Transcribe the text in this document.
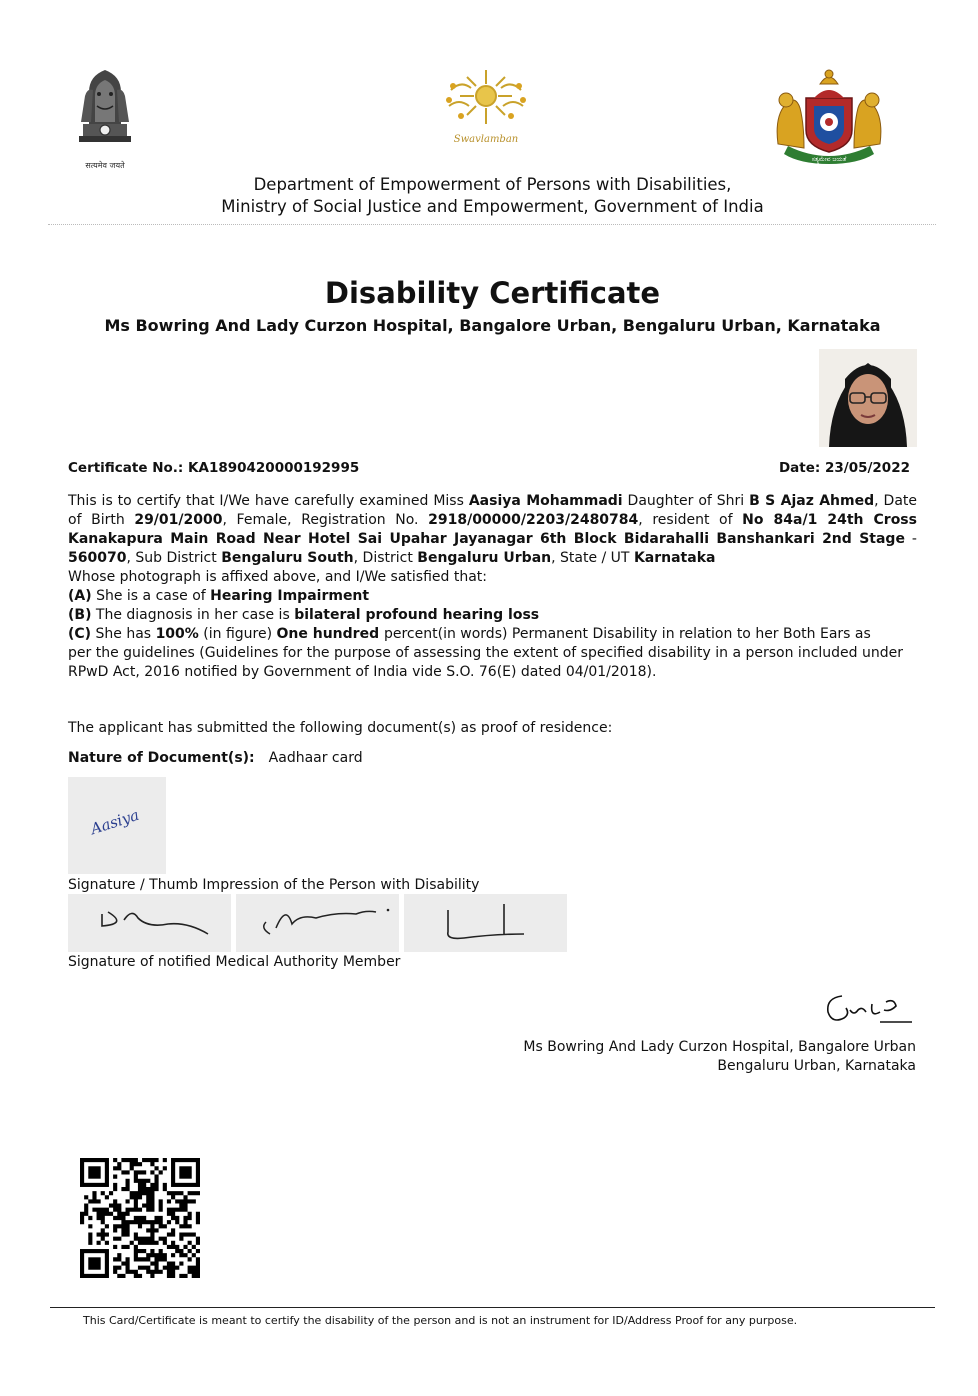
सत्यमेव जयते
Swavlamban
ಸತ್ಯಮೇವ ಜಯತೆ
Department of Empowerment of Persons with Disabilities,
Ministry of Social Justice and Empowerment, Government of India
Disability Certificate
Ms Bowring And Lady Curzon Hospital, Bangalore Urban, Bengaluru Urban, Karnataka
Certificate No.: KA1890420000192995	Date: 23/05/2022
This is to certify that I/We have carefully examined Miss Aasiya Mohammadi Daughter of Shri B S Ajaz Ahmed, Date
of Birth 29/01/2000, Female, Registration No. 2918/00000/2203/2480784, resident of No 84a/1 24th Cross
Kanakapura Main Road Near Hotel Sai Upahar Jayanagar 6th Block Bidarahalli Banshankari 2nd Stage -
560070, Sub District Bengaluru South, District Bengaluru Urban, State / UT Karnataka
Whose photograph is affixed above, and I/We satisfied that:
(A) She is a case of Hearing Impairment
(B) The diagnosis in her case is bilateral profound hearing loss
(C) She has 100% (in figure) One hundred percent(in words) Permanent Disability in relation to her Both Ears as
per the guidelines (Guidelines for the purpose of assessing the extent of specified disability in a person included under
RPwD Act, 2016 notified by Government of India vide S.O. 76(E) dated 04/01/2018).
The applicant has submitted the following document(s) as proof of residence:
Nature of Document(s): Aadhaar card
Aasiya
Signature / Thumb Impression of the Person with Disability
Signature of notified Medical Authority Member
Ms Bowring And Lady Curzon Hospital, Bangalore Urban
Bengaluru Urban, Karnataka
This Card/Certificate is meant to certify the disability of the person and is not an instrument for ID/Address Proof for any purpose.
